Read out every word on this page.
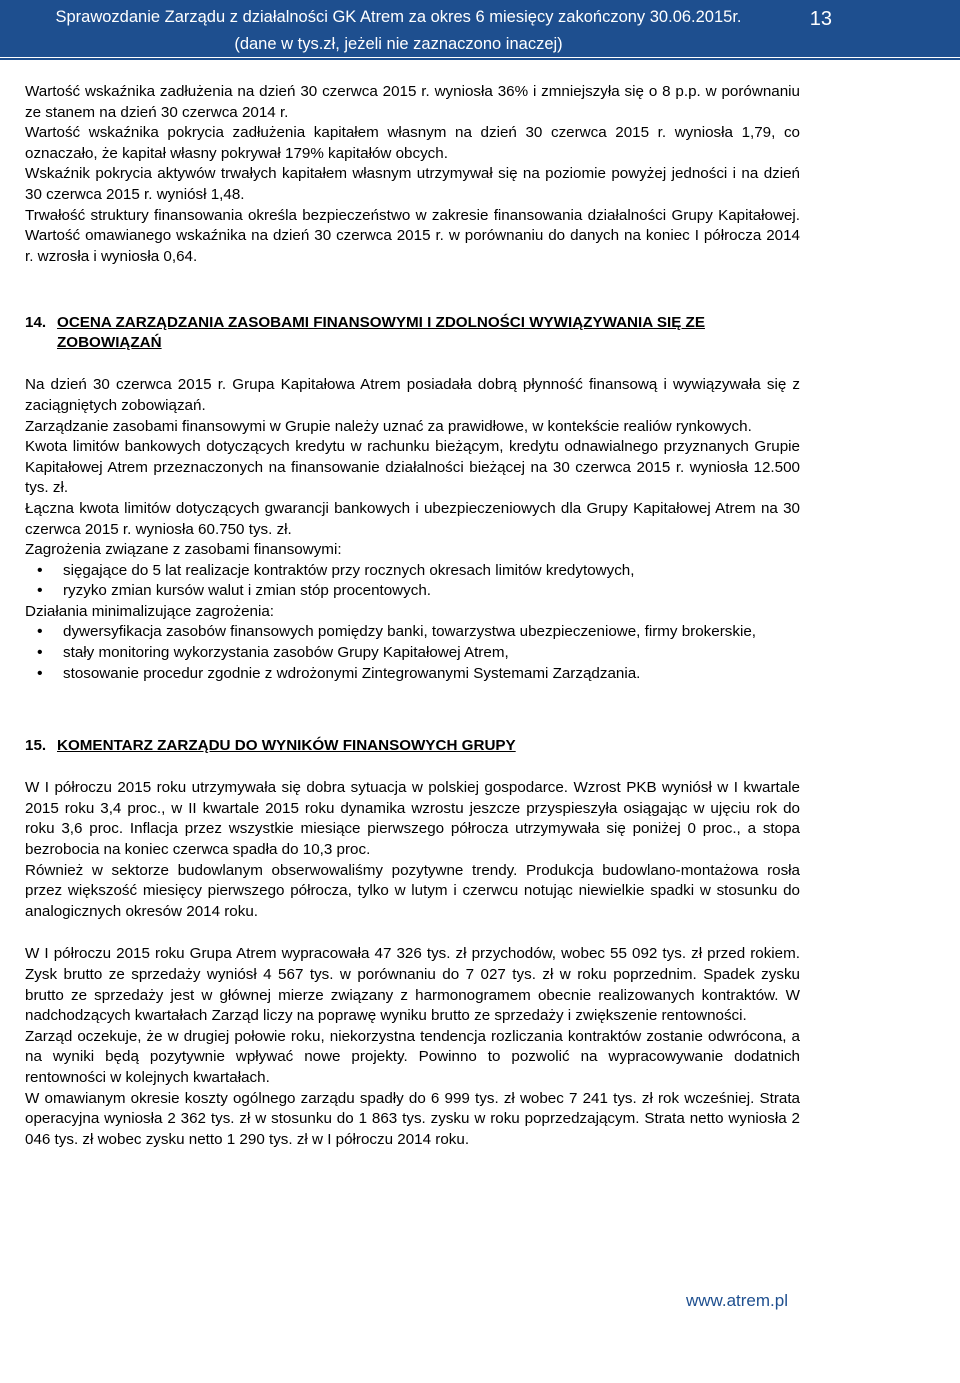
Sprawozdanie Zarządu z działalności GK Atrem za okres 6 miesięcy zakończony 30.06.2015r.
(dane w tys.zł, jeżeli nie zaznaczono inaczej)
13

Wartość wskaźnika zadłużenia na dzień 30 czerwca 2015 r. wyniosła 36% i zmniejszyła się o 8 p.p. w porównaniu ze stanem na dzień 30 czerwca 2014 r.

Wartość wskaźnika pokrycia zadłużenia kapitałem własnym na dzień 30 czerwca 2015 r. wyniosła 1,79, co oznaczało, że kapitał własny pokrywał 179% kapitałów obcych.

Wskaźnik pokrycia aktywów trwałych kapitałem własnym utrzymywał się na poziomie powyżej jedności i na dzień 30 czerwca 2015 r. wyniósł 1,48.

Trwałość struktury finansowania określa bezpieczeństwo w zakresie finansowania działalności Grupy Kapitałowej. Wartość omawianego wskaźnika na dzień 30 czerwca 2015 r. w porównaniu do danych na koniec I półrocza 2014 r. wzrosła i wyniosła 0,64.

14. OCENA ZARZĄDZANIA ZASOBAMI FINANSOWYMI I ZDOLNOŚCI WYWIĄZYWANIA SIĘ ZE ZOBOWIĄZAŃ

Na dzień 30 czerwca 2015 r. Grupa Kapitałowa Atrem posiadała dobrą płynność finansową i wywiązywała się z zaciągniętych zobowiązań.

Zarządzanie zasobami finansowymi w Grupie należy uznać za prawidłowe, w kontekście realiów rynkowych.

Kwota limitów bankowych dotyczących kredytu w rachunku bieżącym, kredytu odnawialnego przyznanych Grupie Kapitałowej Atrem przeznaczonych na finansowanie działalności bieżącej na 30 czerwca 2015 r. wyniosła 12.500 tys. zł.

Łączna kwota limitów dotyczących gwarancji bankowych i ubezpieczeniowych dla Grupy Kapitałowej Atrem na 30 czerwca 2015 r. wyniosła 60.750 tys. zł.

Zagrożenia związane z zasobami finansowymi:

• sięgające do 5 lat realizacje kontraktów przy rocznych okresach limitów kredytowych,
• ryzyko zmian kursów walut i zmian stóp procentowych.

Działania minimalizujące zagrożenia:

• dywersyfikacja zasobów finansowych pomiędzy banki, towarzystwa ubezpieczeniowe, firmy brokerskie,
• stały monitoring wykorzystania zasobów Grupy Kapitałowej Atrem,
• stosowanie procedur zgodnie z wdrożonymi Zintegrowanymi Systemami Zarządzania.
15. KOMENTARZ ZARZĄDU DO WYNIKÓW FINANSOWYCH GRUPY

W I półroczu 2015 roku utrzymywała się dobra sytuacja w polskiej gospodarce. Wzrost PKB wyniósł w I kwartale 2015 roku 3,4 proc., w II kwartale 2015 roku dynamika wzrostu jeszcze przyspieszyła osiągając w ujęciu rok do roku 3,6 proc. Inflacja przez wszystkie miesiące pierwszego półrocza utrzymywała się poniżej 0 proc., a stopa bezrobocia na koniec czerwca spadła do 10,3 proc.

Również w sektorze budowlanym obserwowaliśmy pozytywne trendy. Produkcja budowlano-montażowa rosła przez większość miesięcy pierwszego półrocza, tylko w lutym i czerwcu notując niewielkie spadki w stosunku do analogicznych okresów 2014 roku.

W I półroczu 2015 roku Grupa Atrem wypracowała 47 326 tys. zł przychodów, wobec 55 092 tys. zł przed rokiem. Zysk brutto ze sprzedaży wyniósł 4 567 tys. w porównaniu do 7 027 tys. zł w roku poprzednim. Spadek zysku brutto ze sprzedaży jest w głównej mierze związany z harmonogramem obecnie realizowanych kontraktów. W nadchodzących kwartałach Zarząd liczy na poprawę wyniku brutto ze sprzedaży i zwiększenie rentowności.

Zarząd oczekuje, że w drugiej połowie roku, niekorzystna tendencja rozliczania kontraktów zostanie odwrócona, a na wyniki będą pozytywnie wpływać nowe projekty. Powinno to pozwolić na wypracowywanie dodatnich rentowności w kolejnych kwartałach.

W omawianym okresie koszty ogólnego zarządu spadły do 6 999 tys. zł wobec 7 241 tys. zł rok wcześniej. Strata operacyjna wyniosła 2 362 tys. zł w stosunku do 1 863 tys. zysku w roku poprzedzającym. Strata netto wyniosła 2 046 tys. zł wobec zysku netto 1 290 tys. zł w I półroczu 2014 roku.

www.atrem.pl
